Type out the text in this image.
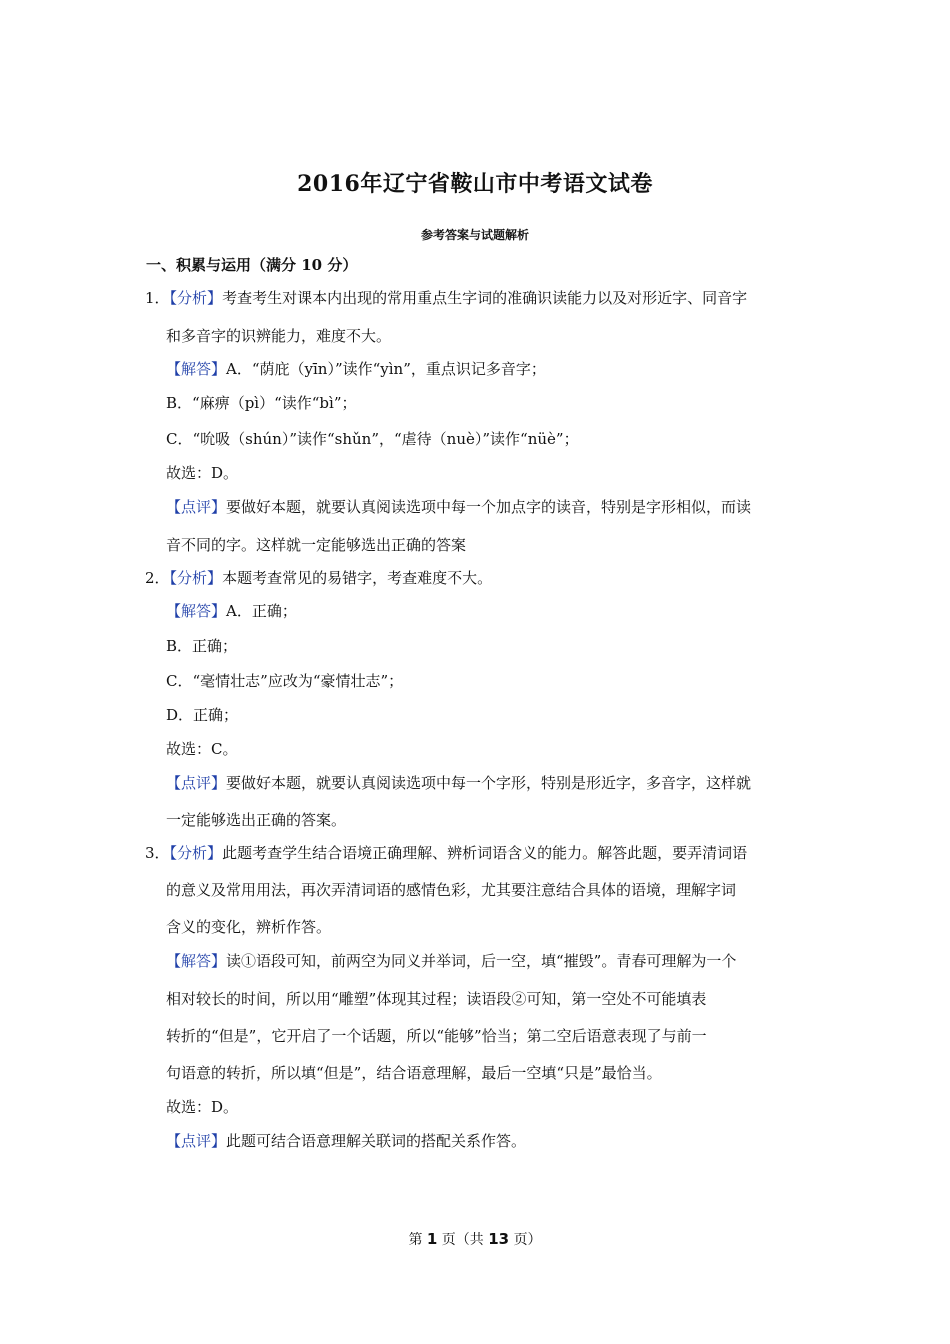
2016年辽宁省鞍山市中考语文试卷
参考答案与试题解析
一、积累与运用（满分 10 分）
1．【分析】考查考生对课本内出现的常用重点生字词的准确识读能力以及对形近字、同音字
和多音字的识辨能力，难度不大。
【解答】A．“荫庇（yīn）”读作“yìn”，重点识记多音字；
B．“麻痹（pì）“读作“bì”；
C．“吮吸（shún）”读作“shǔn”，“虐待（nuè）”读作“nüè”；
故选：D。
【点评】要做好本题，就要认真阅读选项中每一个加点字的读音，特别是字形相似，而读
音不同的字。这样就一定能够选出正确的答案
2．【分析】本题考查常见的易错字，考查难度不大。
【解答】A．正确；
B．正确；
C．“毫情壮志”应改为“豪情壮志”；
D．正确；
故选：C。
【点评】要做好本题，就要认真阅读选项中每一个字形，特别是形近字，多音字，这样就
一定能够选出正确的答案。
3．【分析】此题考查学生结合语境正确理解、辨析词语含义的能力。解答此题，要弄清词语
的意义及常用用法，再次弄清词语的感情色彩，尤其要注意结合具体的语境，理解字词
含义的变化，辨析作答。
【解答】读①语段可知，前两空为同义并举词，后一空，填“摧毁”。青春可理解为一个
相对较长的时间，所以用“雕塑”体现其过程；读语段②可知，第一空处不可能填表
转折的“但是”，它开启了一个话题，所以“能够”恰当；第二空后语意表现了与前一
句语意的转折，所以填“但是”，结合语意理解，最后一空填“只是”最恰当。
故选：D。
【点评】此题可结合语意理解关联词的搭配关系作答。
第 1 页（共 13 页）
